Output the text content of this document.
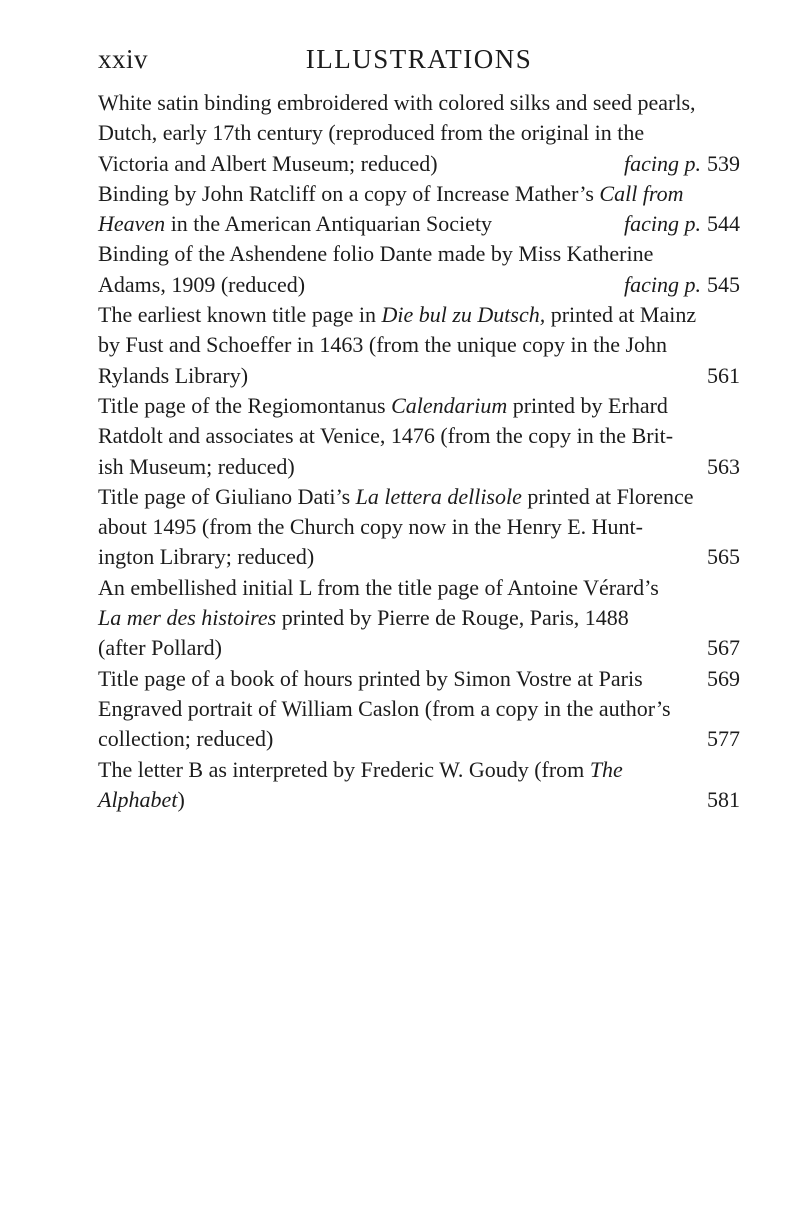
xxiv	ILLUSTRATIONS
White satin binding embroidered with colored silks and seed pearls,
Dutch, early 17th century (reproduced from the original in the
Victoria and Albert Museum; reduced)	facing p. 539
Binding by John Ratcliff on a copy of Increase Mather’s Call from
Heaven in the American Antiquarian Society	facing p. 544
Binding of the Ashendene folio Dante made by Miss Katherine
Adams, 1909 (reduced)	facing p. 545
The earliest known title page in Die bul zu Dutsch, printed at Mainz
by Fust and Schoeffer in 1463 (from the unique copy in the John
Rylands Library)	561
Title page of the Regiomontanus Calendarium printed by Erhard
Ratdolt and associates at Venice, 1476 (from the copy in the Brit-
ish Museum; reduced)	563
Title page of Giuliano Dati’s La lettera dellisole printed at Florence
about 1495 (from the Church copy now in the Henry E. Hunt-
ington Library; reduced)	565
An embellished initial L from the title page of Antoine Vérard’s
La mer des histoires printed by Pierre de Rouge, Paris, 1488
(after Pollard)	567
Title page of a book of hours printed by Simon Vostre at Paris	569
Engraved portrait of William Caslon (from a copy in the author’s
collection; reduced)	577
The letter B as interpreted by Frederic W. Goudy (from The
Alphabet)	581
